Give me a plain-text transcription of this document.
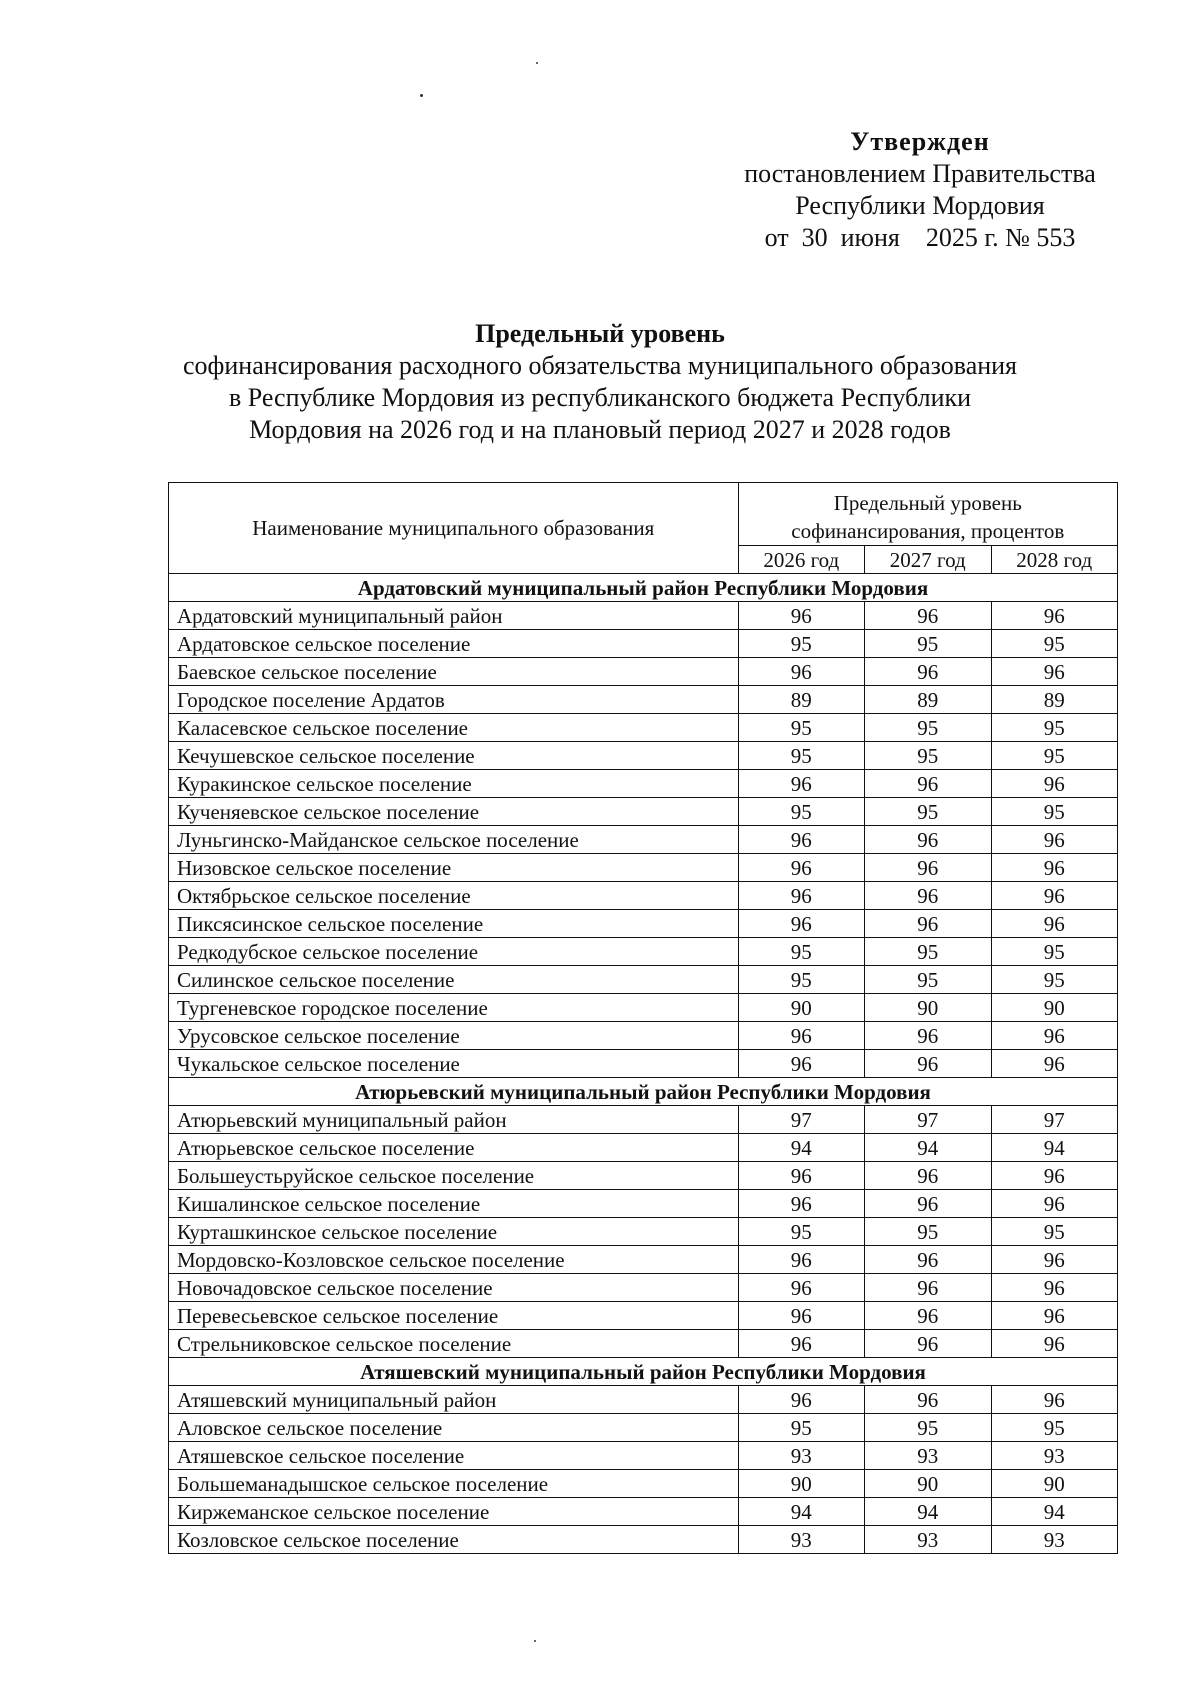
Утвержден
постановлением Правительства
Республики Мордовия
от  30  июня    2025 г. № 553
Предельный уровень
софинансирования расходного обязательства муниципального образования
в Республике Мордовия из республиканского бюджета Республики
Мордовия на 2026 год и на плановый период 2027 и 2028 годов
Наименование муниципального образования	Предельный уровень софинансирования, процентов		
	2026 год	2027 год	2028 год
Ардатовский муниципальный район Республики Мордовия			
Ардатовский муниципальный район	96	96	96
Ардатовское сельское поселение	95	95	95
Баевское сельское поселение	96	96	96
Городское поселение Ардатов	89	89	89
Каласевское сельское поселение	95	95	95
Кечушевское сельское поселение	95	95	95
Куракинское сельское поселение	96	96	96
Кученяевское сельское поселение	95	95	95
Луньгинско-Майданское сельское поселение	96	96	96
Низовское сельское поселение	96	96	96
Октябрьское сельское поселение	96	96	96
Пиксясинское сельское поселение	96	96	96
Редкодубское сельское поселение	95	95	95
Силинское сельское поселение	95	95	95
Тургеневское городское поселение	90	90	90
Урусовское сельское поселение	96	96	96
Чукальское сельское поселение	96	96	96
Атюрьевский муниципальный район Республики Мордовия			
Атюрьевский муниципальный район	97	97	97
Атюрьевское сельское поселение	94	94	94
Большеустьруйское сельское поселение	96	96	96
Кишалинское сельское поселение	96	96	96
Курташкинское сельское поселение	95	95	95
Мордовско-Козловское сельское поселение	96	96	96
Новочадовское сельское поселение	96	96	96
Перевесьевское сельское поселение	96	96	96
Стрельниковское сельское поселение	96	96	96
Атяшевский муниципальный район Республики Мордовия			
Атяшевский муниципальный район	96	96	96
Аловское сельское поселение	95	95	95
Атяшевское сельское поселение	93	93	93
Большеманадышское сельское поселение	90	90	90
Киржеманское сельское поселение	94	94	94
Козловское сельское поселение	93	93	93
